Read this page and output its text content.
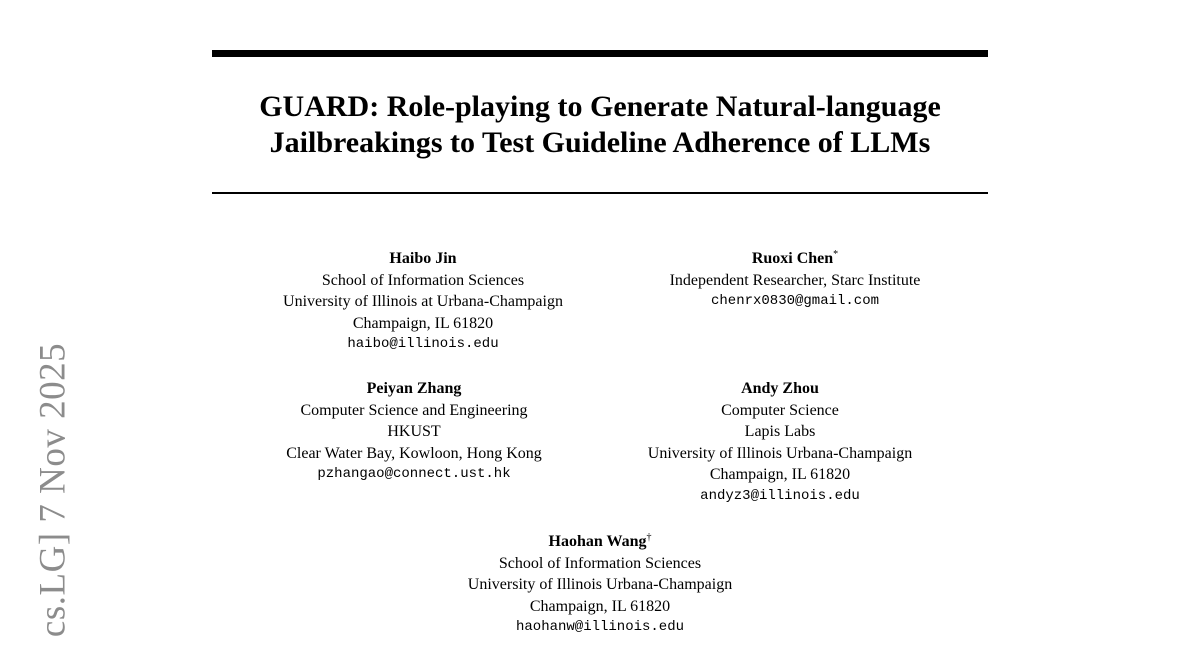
GUARD: Role-playing to Generate Natural-language
Jailbreakings to Test Guideline Adherence of LLMs
Haibo Jin
School of Information Sciences
University of Illinois at Urbana-Champaign
Champaign, IL 61820
haibo@illinois.edu
Ruoxi Chen*
Independent Researcher, Starc Institute
chenrx0830@gmail.com
Peiyan Zhang
Computer Science and Engineering
HKUST
Clear Water Bay, Kowloon, Hong Kong
pzhangao@connect.ust.hk
Andy Zhou
Computer Science
Lapis Labs
University of Illinois Urbana-Champaign
Champaign, IL 61820
andyz3@illinois.edu
Haohan Wang†
School of Information Sciences
University of Illinois Urbana-Champaign
Champaign, IL 61820
haohanw@illinois.edu
cs.LG] 7 Nov 2025
